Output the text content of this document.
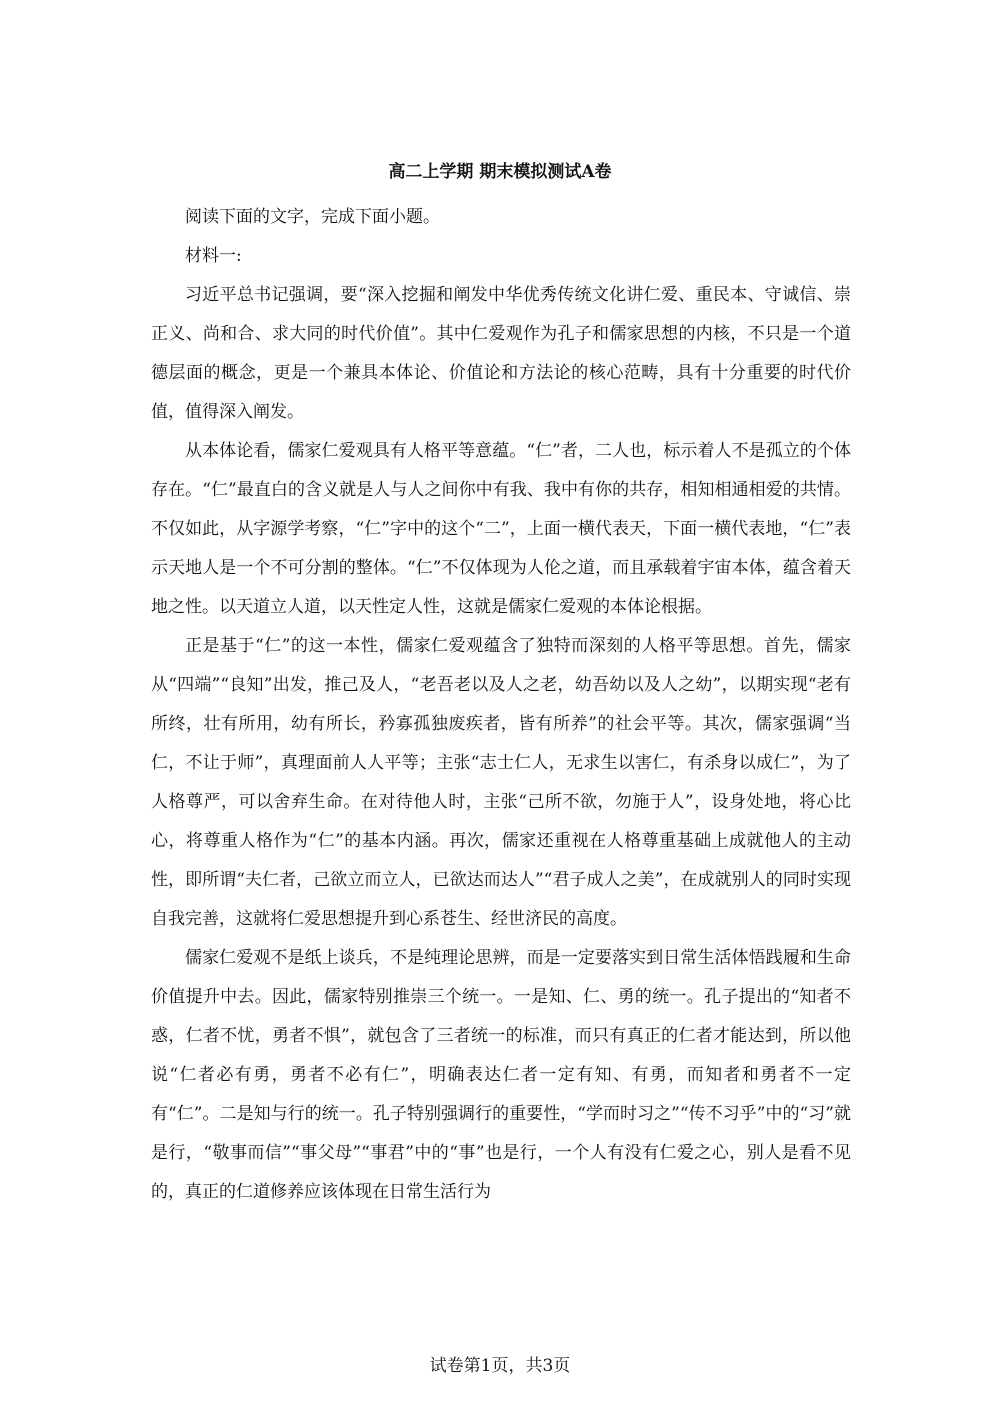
高二上学期 期末模拟测试A卷

阅读下面的文字，完成下面小题。

材料一:

习近平总书记强调，要“深入挖掘和阐发中华优秀传统文化讲仁爱、重民本、守诚信、崇正义、尚和合、求大同的时代价值”。其中仁爱观作为孔子和儒家思想的内核，不只是一个道德层面的概念，更是一个兼具本体论、价值论和方法论的核心范畴，具有十分重要的时代价值，值得深入阐发。

从本体论看，儒家仁爱观具有人格平等意蕴。“仁”者，二人也，标示着人不是孤立的个体存在。“仁”最直白的含义就是人与人之间你中有我、我中有你的共存，相知相通相爱的共情。不仅如此，从字源学考察，“仁”字中的这个“二”，上面一横代表天，下面一横代表地，“仁”表示天地人是一个不可分割的整体。“仁”不仅体现为人伦之道，而且承载着宇宙本体，蕴含着天地之性。以天道立人道，以天性定人性，这就是儒家仁爱观的本体论根据。

正是基于“仁”的这一本性，儒家仁爱观蕴含了独特而深刻的人格平等思想。首先，儒家从“四端”“良知”出发，推己及人，“老吾老以及人之老，幼吾幼以及人之幼”，以期实现“老有所终，壮有所用，幼有所长，矜寡孤独废疾者，皆有所养”的社会平等。其次，儒家强调“当仁，不让于师”，真理面前人人平等；主张“志士仁人，无求生以害仁，有杀身以成仁”，为了人格尊严，可以舍弃生命。在对待他人时，主张“己所不欲，勿施于人”，设身处地，将心比心，将尊重人格作为“仁”的基本内涵。再次，儒家还重视在人格尊重基础上成就他人的主动性，即所谓“夫仁者，己欲立而立人，已欲达而达人”“君子成人之美”，在成就别人的同时实现自我完善，这就将仁爱思想提升到心系苍生、经世济民的高度。

儒家仁爱观不是纸上谈兵，不是纯理论思辨，而是一定要落实到日常生活体悟践履和生命价值提升中去。因此，儒家特别推崇三个统一。一是知、仁、勇的统一。孔子提出的“知者不惑，仁者不忧，勇者不惧”，就包含了三者统一的标准，而只有真正的仁者才能达到，所以他说“仁者必有勇，勇者不必有仁”，明确表达仁者一定有知、有勇，而知者和勇者不一定有“仁”。二是知与行的统一。孔子特别强调行的重要性，“学而时习之”“传不习乎”中的“习”就是行，“敬事而信”“事父母”“事君”中的“事”也是行，一个人有没有仁爱之心，别人是看不见的，真正的仁道修养应该体现在日常生活行为

试卷第1页，共3页
